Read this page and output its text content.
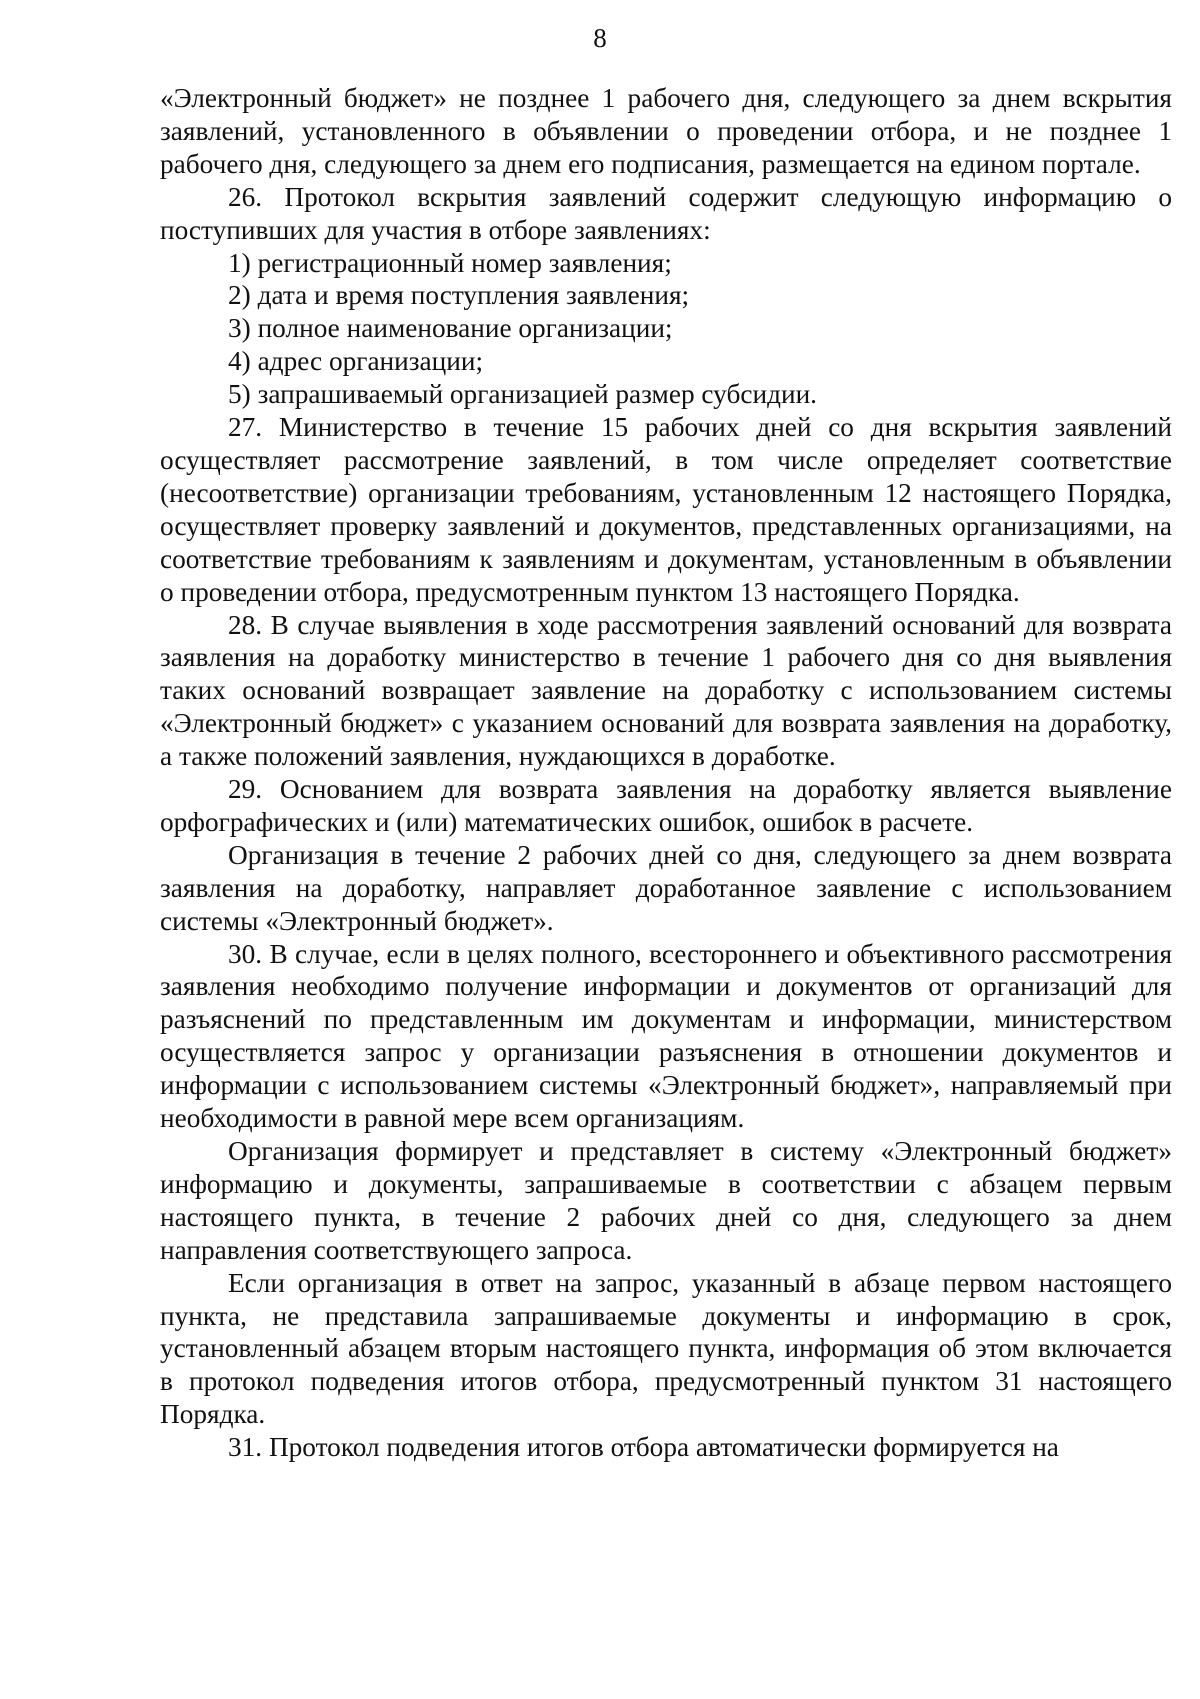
8

«Электронный бюджет» не позднее 1 рабочего дня, следующего за днем вскрытия заявлений, установленного в объявлении о проведении отбора, и не позднее 1 рабочего дня, следующего за днем его подписания, размещается на едином портале.

26. Протокол вскрытия заявлений содержит следующую информацию о поступивших для участия в отборе заявлениях:

1) регистрационный номер заявления;

2) дата и время поступления заявления;

3) полное наименование организации;

4) адрес организации;

5) запрашиваемый организацией размер субсидии.

27. Министерство в течение 15 рабочих дней со дня вскрытия заявлений осуществляет рассмотрение заявлений, в том числе определяет соответствие (несоответствие) организации требованиям, установленным 12 настоящего Порядка, осуществляет проверку заявлений и документов, представленных организациями, на соответствие требованиям к заявлениям и документам, установленным в объявлении о проведении отбора, предусмотренным пунктом 13 настоящего Порядка.

28. В случае выявления в ходе рассмотрения заявлений оснований для возврата заявления на доработку министерство в течение 1 рабочего дня со дня выявления таких оснований возвращает заявление на доработку с использованием системы «Электронный бюджет» с указанием оснований для возврата заявления на доработку, а также положений заявления, нуждающихся в доработке.

29. Основанием для возврата заявления на доработку является выявление орфографических и (или) математических ошибок, ошибок в расчете.

Организация в течение 2 рабочих дней со дня, следующего за днем возврата заявления на доработку, направляет доработанное заявление с использованием системы «Электронный бюджет».

30. В случае, если в целях полного, всестороннего и объективного рассмотрения заявления необходимо получение информации и документов от организаций для разъяснений по представленным им документам и информации, министерством осуществляется запрос у организации разъяснения в отношении документов и информации с использованием системы «Электронный бюджет», направляемый при необходимости в равной мере всем организациям.

Организация формирует и представляет в систему «Электронный бюджет» информацию и документы, запрашиваемые в соответствии с абзацем первым настоящего пункта, в течение 2 рабочих дней со дня, следующего за днем направления соответствующего запроса.

Если организация в ответ на запрос, указанный в абзаце первом настоящего пункта, не представила запрашиваемые документы и информацию в срок, установленный абзацем вторым настоящего пункта, информация об этом включается в протокол подведения итогов отбора, предусмотренный пунктом 31 настоящего Порядка.

31. Протокол подведения итогов отбора автоматически формируется на
